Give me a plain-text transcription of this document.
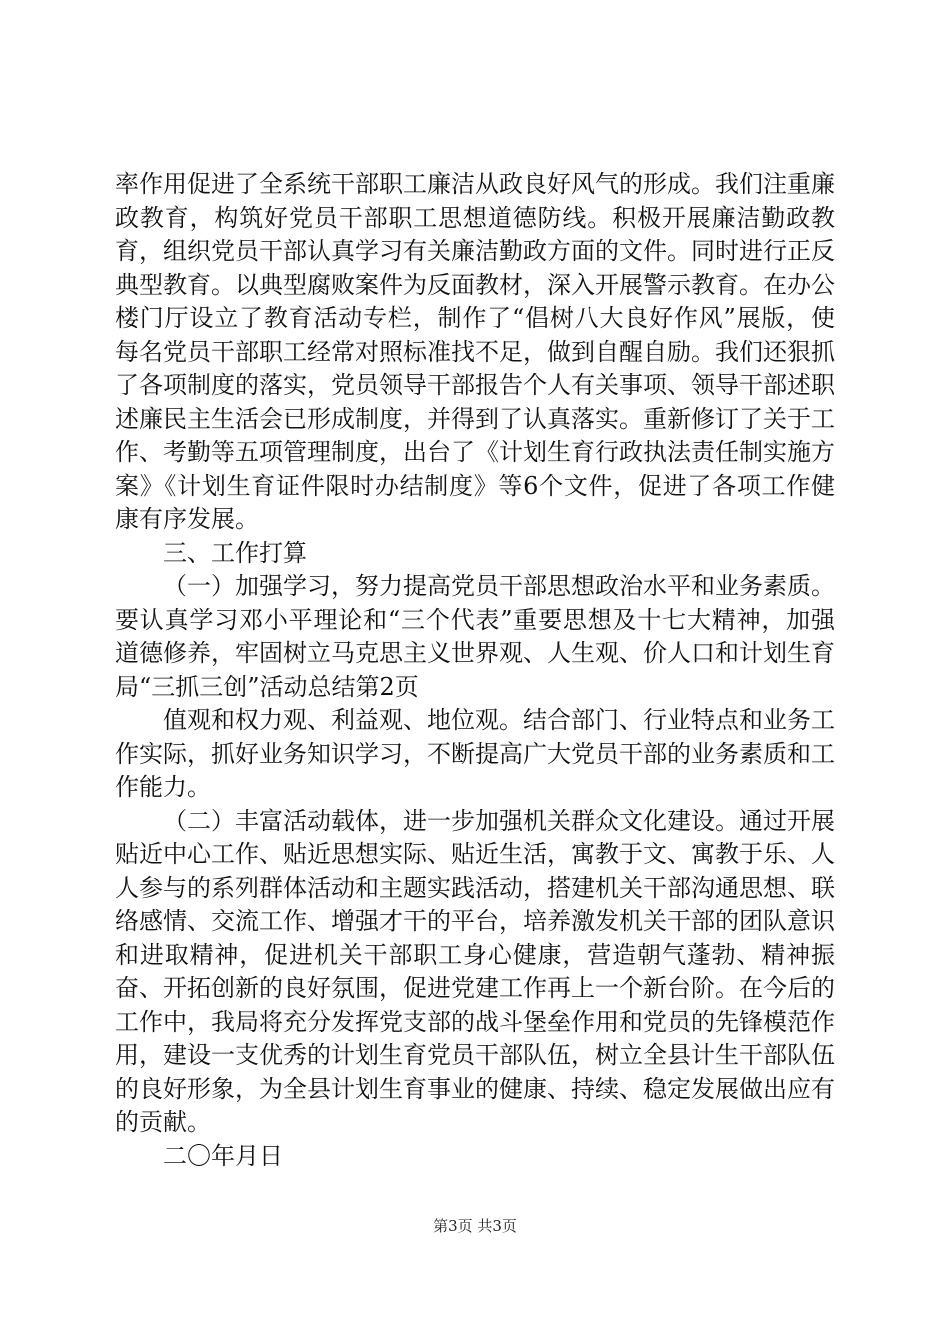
率作用促进了全系统干部职工廉洁从政良好风气的形成。我们注重廉政教育，构筑好党员干部职工思想道德防线。积极开展廉洁勤政教育，组织党员干部认真学习有关廉洁勤政方面的文件。同时进行正反典型教育。以典型腐败案件为反面教材，深入开展警示教育。在办公楼门厅设立了教育活动专栏，制作了“倡树八大良好作风”展版，使每名党员干部职工经常对照标准找不足，做到自醒自励。我们还狠抓了各项制度的落实，党员领导干部报告个人有关事项、领导干部述职述廉民主生活会已形成制度，并得到了认真落实。重新修订了关于工作、考勤等五项管理制度，出台了《计划生育行政执法责任制实施方案》《计划生育证件限时办结制度》等6个文件，促进了各项工作健康有序发展。

三、工作打算

（一）加强学习，努力提高党员干部思想政治水平和业务素质。要认真学习邓小平理论和“三个代表”重要思想及十七大精神，加强道德修养，牢固树立马克思主义世界观、人生观、价人口和计划生育局“三抓三创”活动总结第2页

值观和权力观、利益观、地位观。结合部门、行业特点和业务工作实际，抓好业务知识学习，不断提高广大党员干部的业务素质和工作能力。

（二）丰富活动载体，进一步加强机关群众文化建设。通过开展贴近中心工作、贴近思想实际、贴近生活，寓教于文、寓教于乐、人人参与的系列群体活动和主题实践活动，搭建机关干部沟通思想、联络感情、交流工作、增强才干的平台，培养激发机关干部的团队意识和进取精神，促进机关干部职工身心健康，营造朝气蓬勃、精神振奋、开拓创新的良好氛围，促进党建工作再上一个新台阶。在今后的工作中，我局将充分发挥党支部的战斗堡垒作用和党员的先锋模范作用，建设一支优秀的计划生育党员干部队伍，树立全县计生干部队伍的良好形象，为全县计划生育事业的健康、持续、稳定发展做出应有的贡献。

二〇年月日

第3页 共3页
